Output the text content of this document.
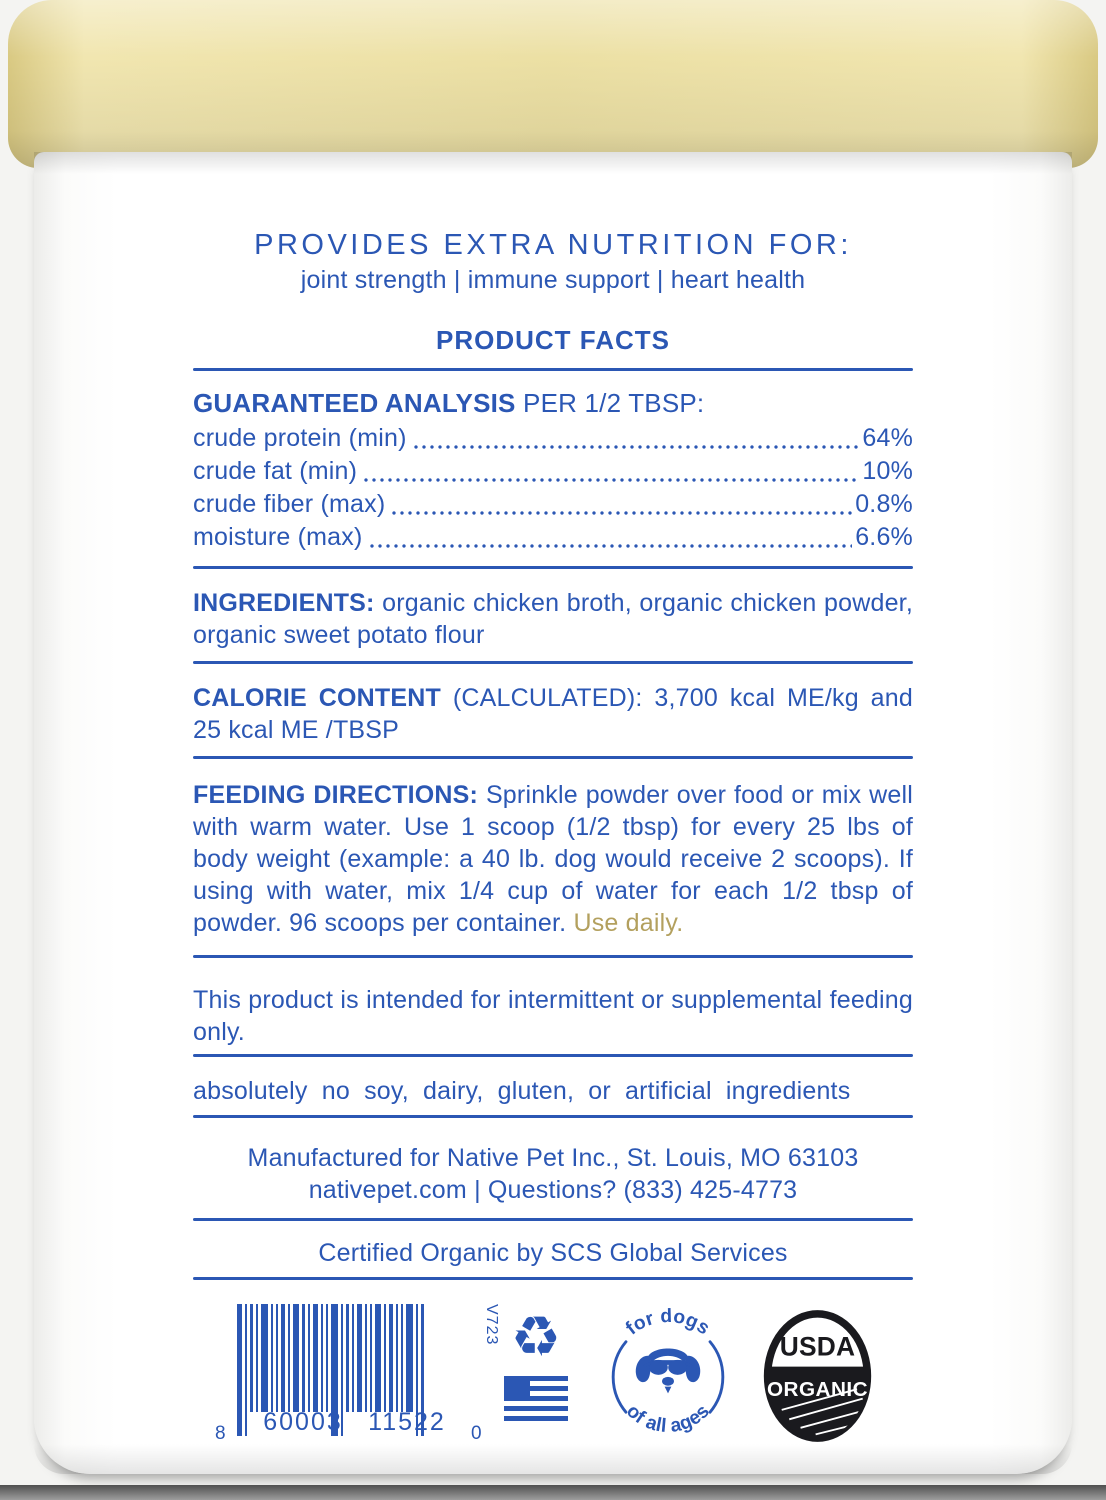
PROVIDES EXTRA NUTRITION FOR:
joint strength | immune support | heart health
PRODUCT FACTS
GUARANTEED ANALYSIS PER 1/2 TBSP:
crude protein (min)	64%
crude fat (min)	10%
crude fiber (max)	0.8%
moisture (max)	6.6%
INGREDIENTS: organic chicken broth, organic chicken powder, organic sweet potato flour
CALORIE CONTENT (CALCULATED): 3,700 kcal ME/kg and 25 kcal ME /TBSP
FEEDING DIRECTIONS: Sprinkle powder over food or mix well with warm water. Use 1 scoop (1/2 tbsp) for every 25 lbs of body weight (example: a 40 lb. dog would receive 2 scoops). If using with water, mix 1/4 cup of water for each 1/2 tbsp of powder. 96 scoops per container. Use daily.
This product is intended for intermittent or supplemental feeding only.
absolutely no soy, dairy, gluten, or artificial ingredients
Manufactured for Native Pet Inc., St. Louis, MO 63103
nativepet.com | Questions? (833) 425-4773
Certified Organic by SCS Global Services
8 60003 11522	0
V723 ♻	for dogs
of all ages
USDA
ORGANIC
